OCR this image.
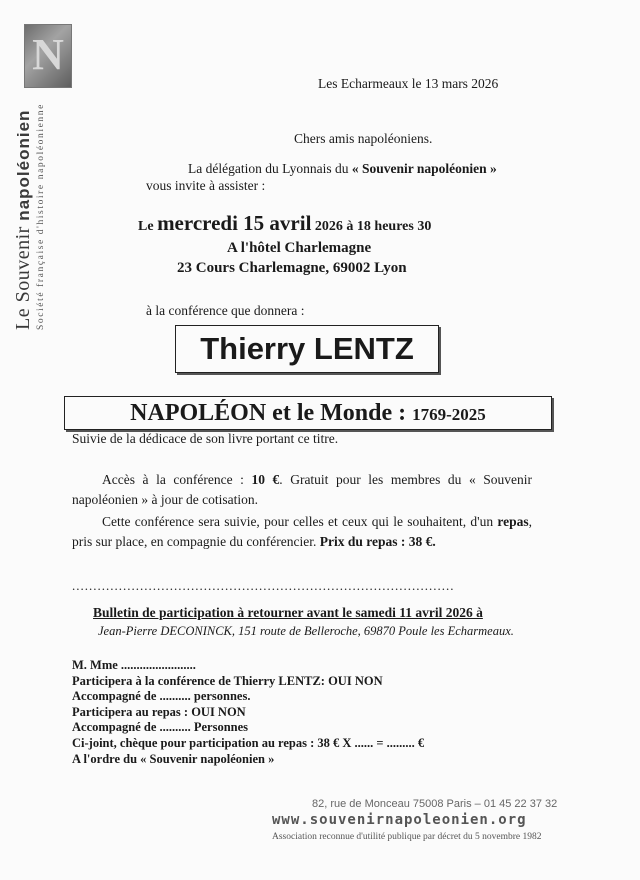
N
Le Souvenir napoléonien Société française d'histoire napoléonienne
Les Echarmeaux le 13 mars 2026
Chers amis napoléoniens.
La délégation du Lyonnais du « Souvenir napoléonien »
vous invite à assister :
Le mercredi 15 avril 2026 à 18 heures 30
A l'hôtel Charlemagne
23 Cours Charlemagne, 69002 Lyon
à la conférence que donnera :
Thierry LENTZ
NAPOLÉON et le Monde : 1769-2025
Suivie de la dédicace de son livre portant ce titre.
Accès à la conférence : 10 €. Gratuit pour les membres du « Souvenir napoléonien » à jour de cotisation.
Cette conférence sera suivie, pour celles et ceux qui le souhaitent, d'un repas, pris sur place, en compagnie du conférencier. Prix du repas : 38 €.
..........................................................................................
Bulletin de participation à retourner avant le samedi 11 avril 2026 à
Jean-Pierre DECONINCK, 151 route de Belleroche, 69870 Poule les Echarmeaux.
M. Mme ........................
Participera à la conférence de Thierry LENTZ: OUI NON
Accompagné de .......... personnes.
Participera au repas : OUI NON
Accompagné de .......... Personnes
Ci-joint, chèque pour participation au repas : 38 € X ...... = ......... €
A l'ordre du « Souvenir napoléonien »
82, rue de Monceau 75008 Paris – 01 45 22 37 32
www.souvenirnapoleonien.org
Association reconnue d'utilité publique par décret du 5 novembre 1982
